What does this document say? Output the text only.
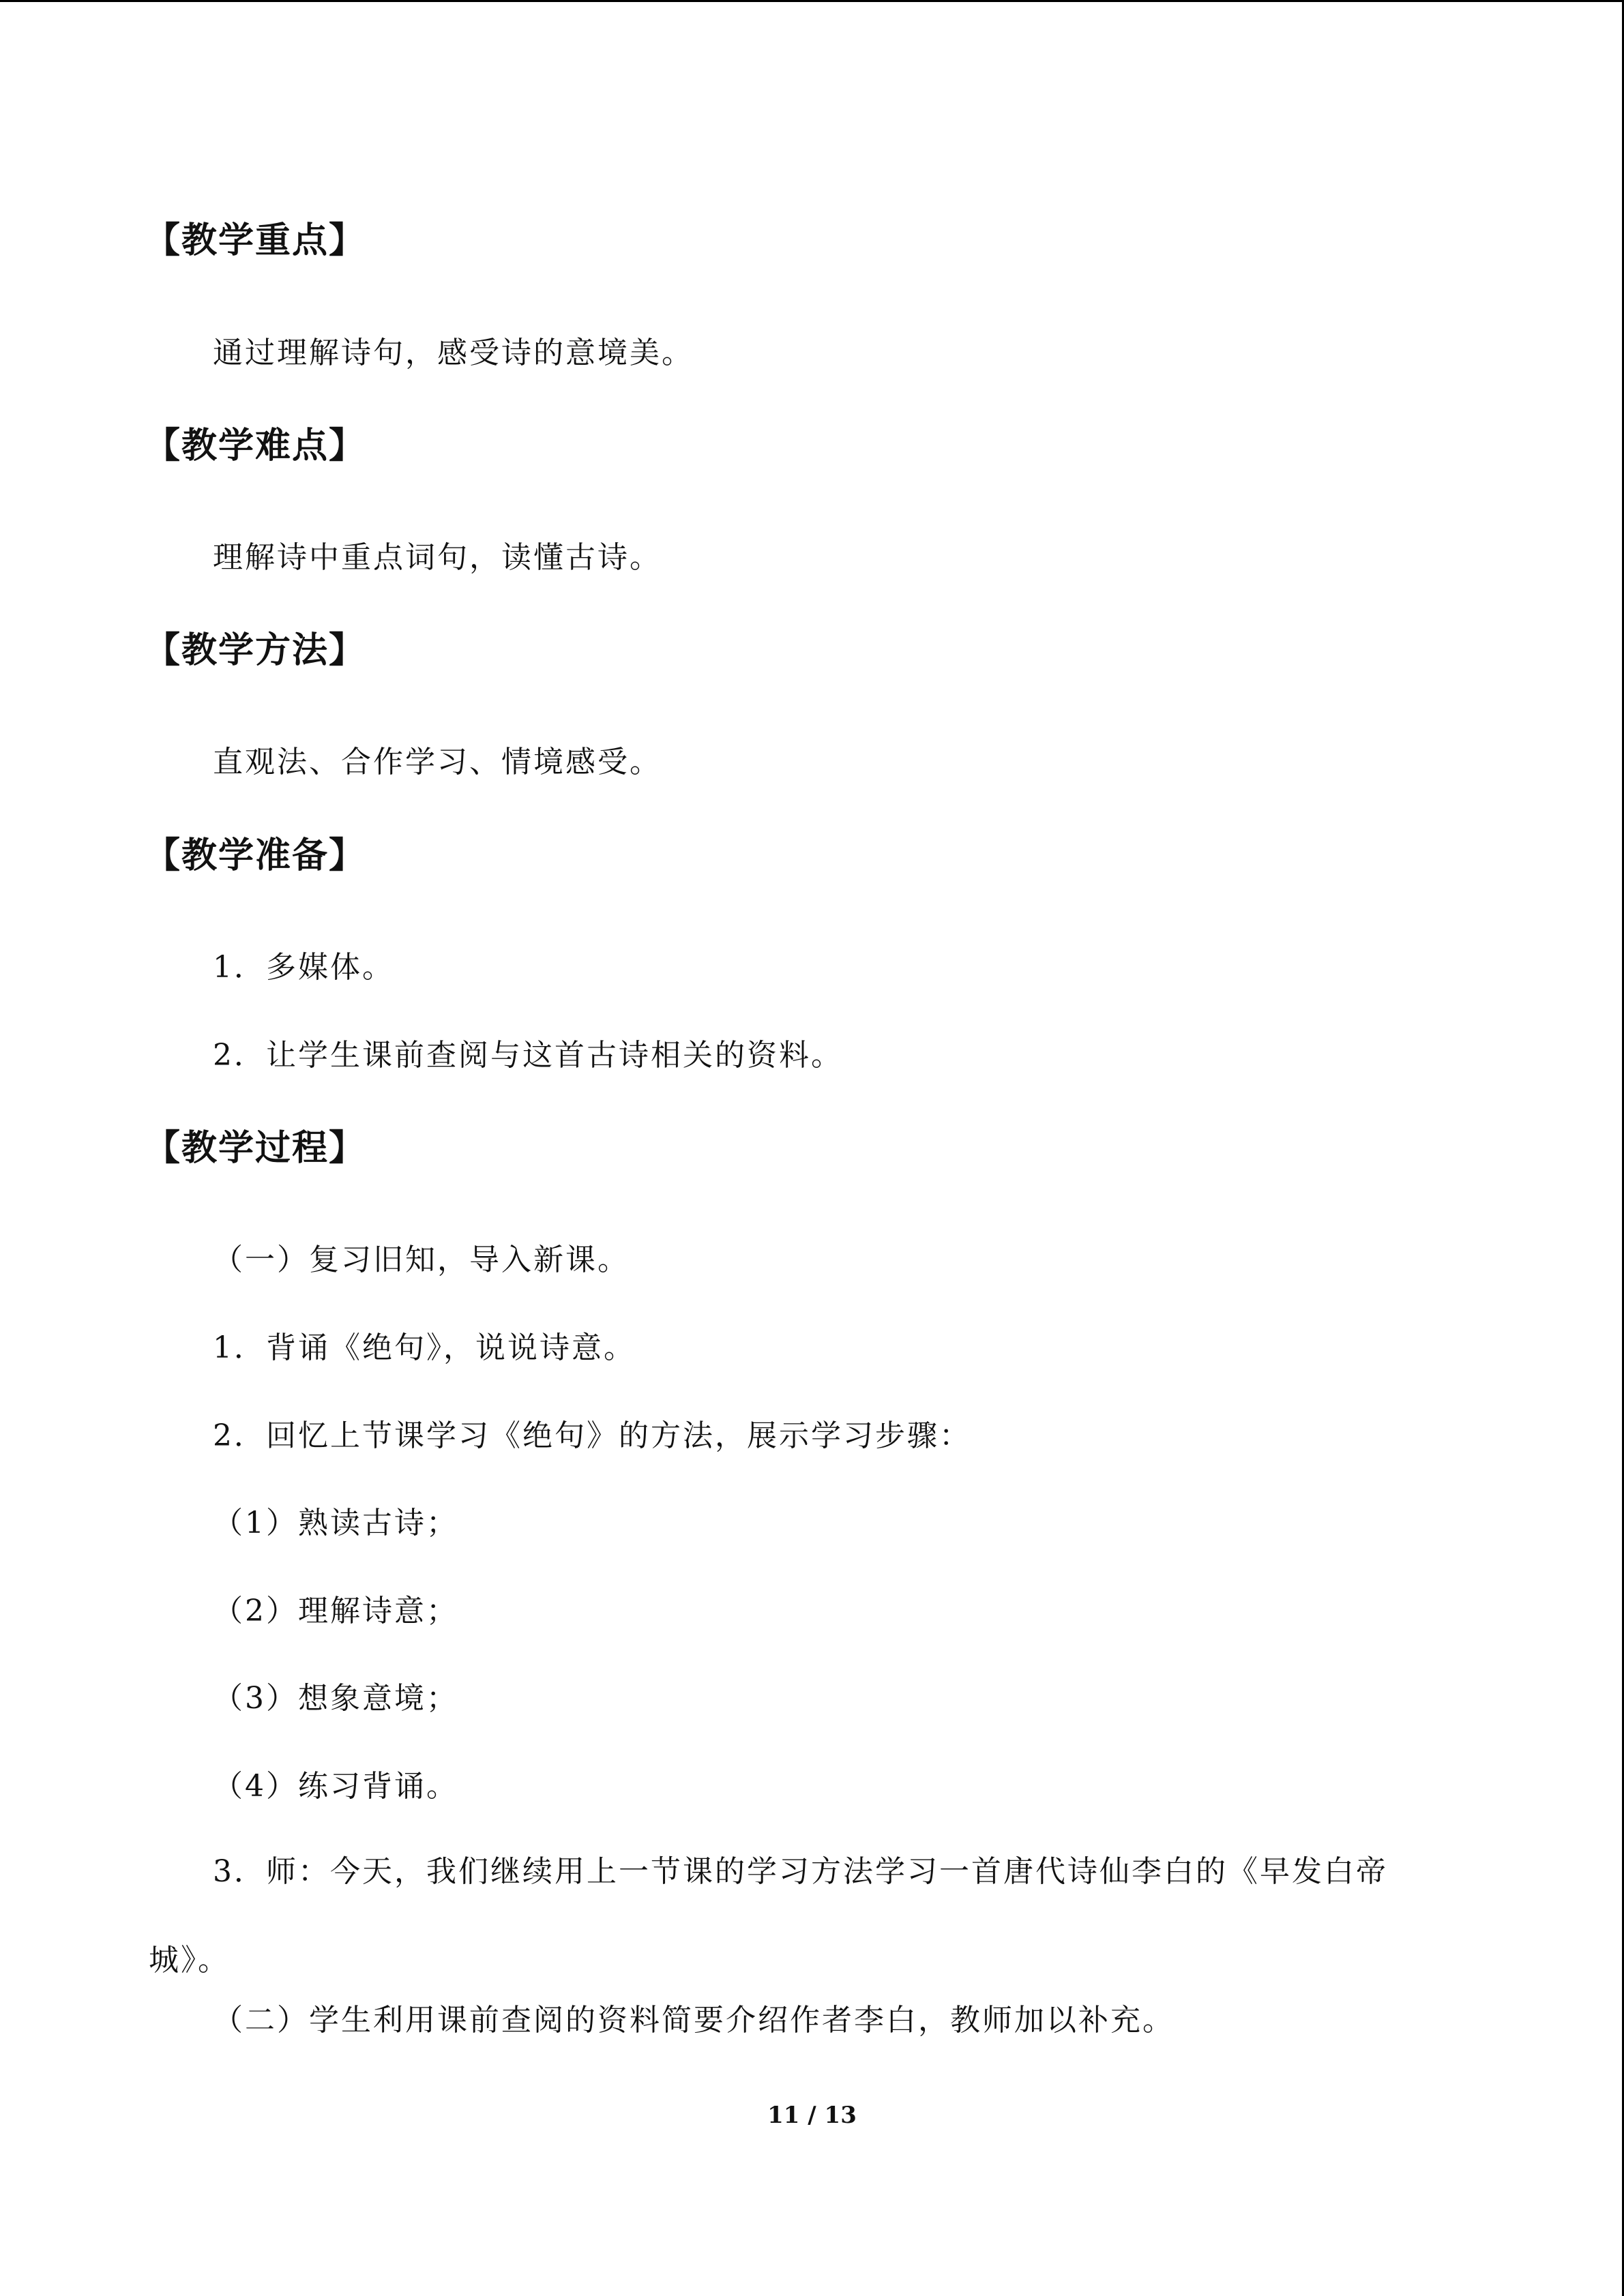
【教学重点】
通过理解诗句，感受诗的意境美。
【教学难点】
理解诗中重点词句，读懂古诗。
【教学方法】
直观法、合作学习、情境感受。
【教学准备】
1．多媒体。
2．让学生课前查阅与这首古诗相关的资料。
【教学过程】
（一）复习旧知，导入新课。
1．背诵《绝句》，说说诗意。
2．回忆上节课学习《绝句》的方法，展示学习步骤：
（1）熟读古诗；
（2）理解诗意；
（3）想象意境；
（4）练习背诵。
3．师：今天，我们继续用上一节课的学习方法学习一首唐代诗仙李白的《早发白帝城》。
（二）学生利用课前查阅的资料简要介绍作者李白，教师加以补充。
11 / 13
